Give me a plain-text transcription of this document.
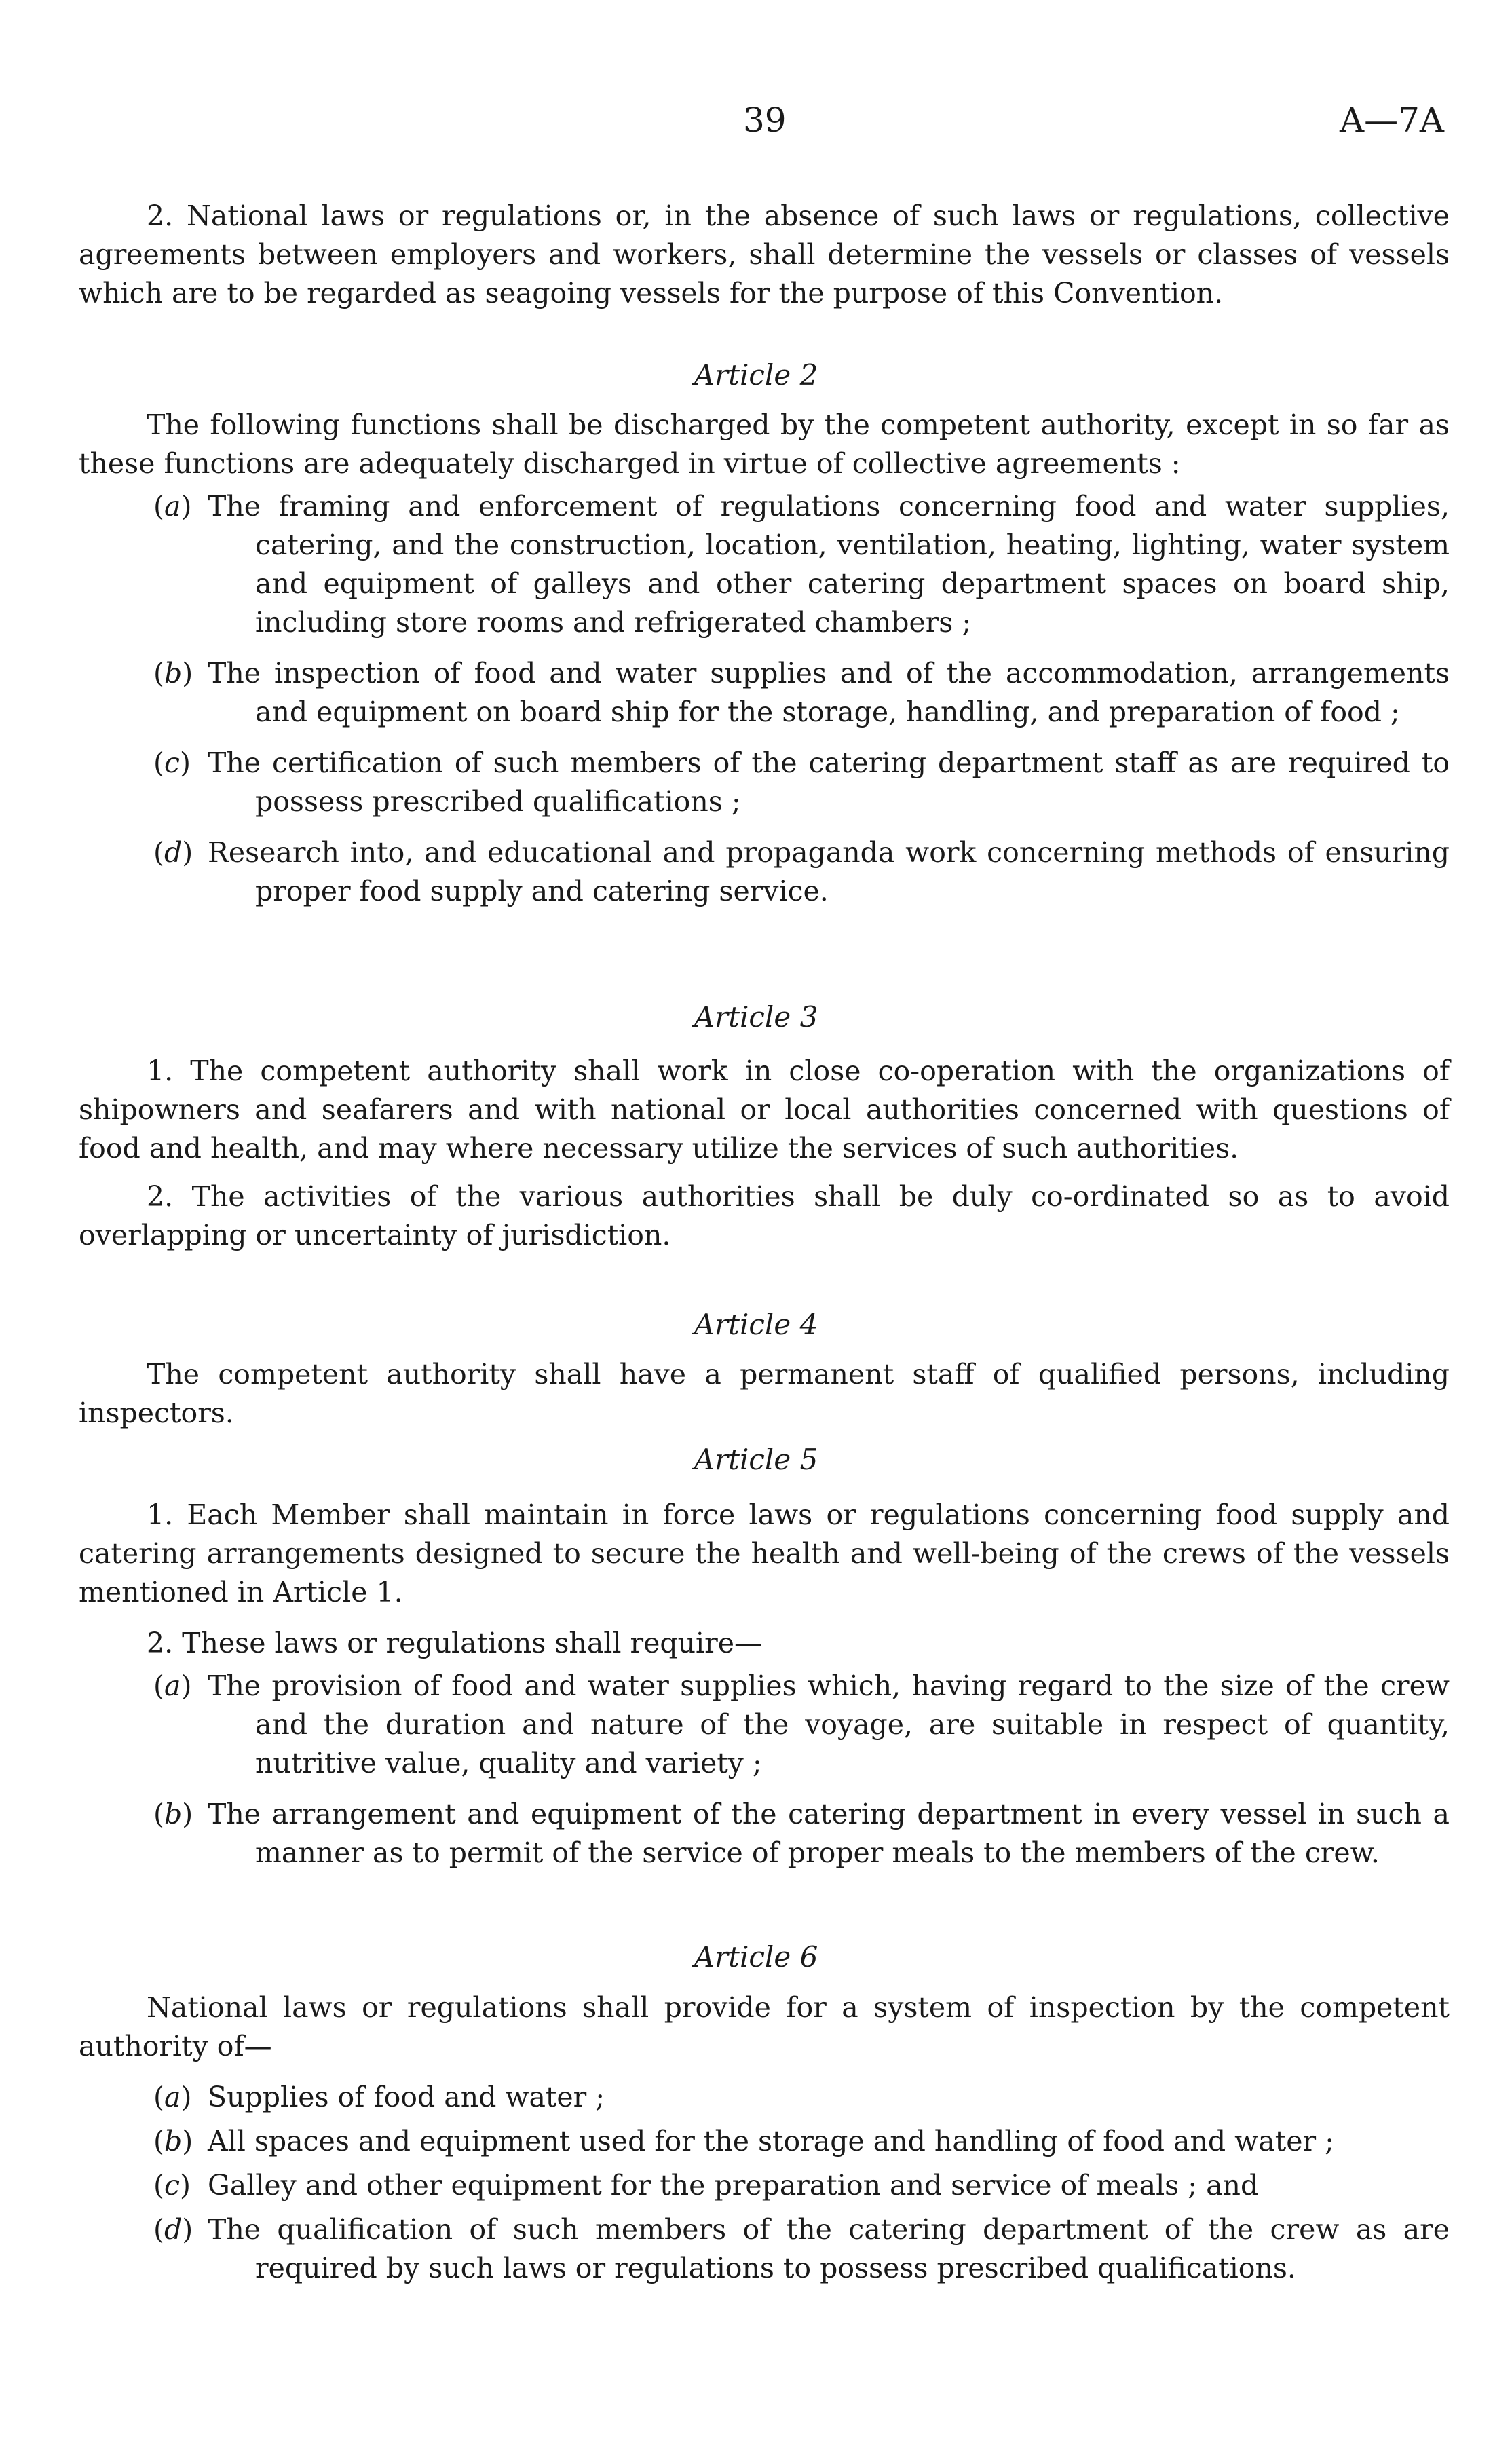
39	A—7A

2. National laws or regulations or, in the absence of such laws or regulations, collective agreements between employers and workers, shall determine the vessels or classes of vessels which are to be regarded as seagoing vessels for the purpose of this Convention.

Article 2

The following functions shall be discharged by the competent authority, except in so far as these functions are adequately discharged in virtue of collective agreements :

(a) The framing and enforcement of regulations concerning food and water supplies, catering, and the construction, location, ventilation, heating, lighting, water system and equipment of galleys and other catering department spaces on board ship, including store rooms and refrigerated chambers ;
(b) The inspection of food and water supplies and of the accommodation, arrangements and equipment on board ship for the storage, handling, and preparation of food ;
(c) The certification of such members of the catering department staff as are required to possess prescribed qualifications ;
(d) Research into, and educational and propaganda work concerning methods of ensuring proper food supply and catering service.
Article 3

1. The competent authority shall work in close co-operation with the organizations of shipowners and seafarers and with national or local authorities concerned with questions of food and health, and may where necessary utilize the services of such authorities.

2. The activities of the various authorities shall be duly co-ordinated so as to avoid overlapping or uncertainty of jurisdiction.

Article 4

The competent authority shall have a permanent staff of qualified persons, including inspectors.

Article 5

1. Each Member shall maintain in force laws or regulations concerning food supply and catering arrangements designed to secure the health and well-being of the crews of the vessels mentioned in Article 1.

2. These laws or regulations shall require—

(a) The provision of food and water supplies which, having regard to the size of the crew and the duration and nature of the voyage, are suitable in respect of quantity, nutritive value, quality and variety ;
(b) The arrangement and equipment of the catering department in every vessel in such a manner as to permit of the service of proper meals to the members of the crew.
Article 6

National laws or regulations shall provide for a system of inspection by the competent authority of—

(a) Supplies of food and water ;
(b) All spaces and equipment used for the storage and handling of food and water ;
(c) Galley and other equipment for the preparation and service of meals ; and
(d) The qualification of such members of the catering department of the crew as are required by such laws or regulations to possess prescribed qualifications.
